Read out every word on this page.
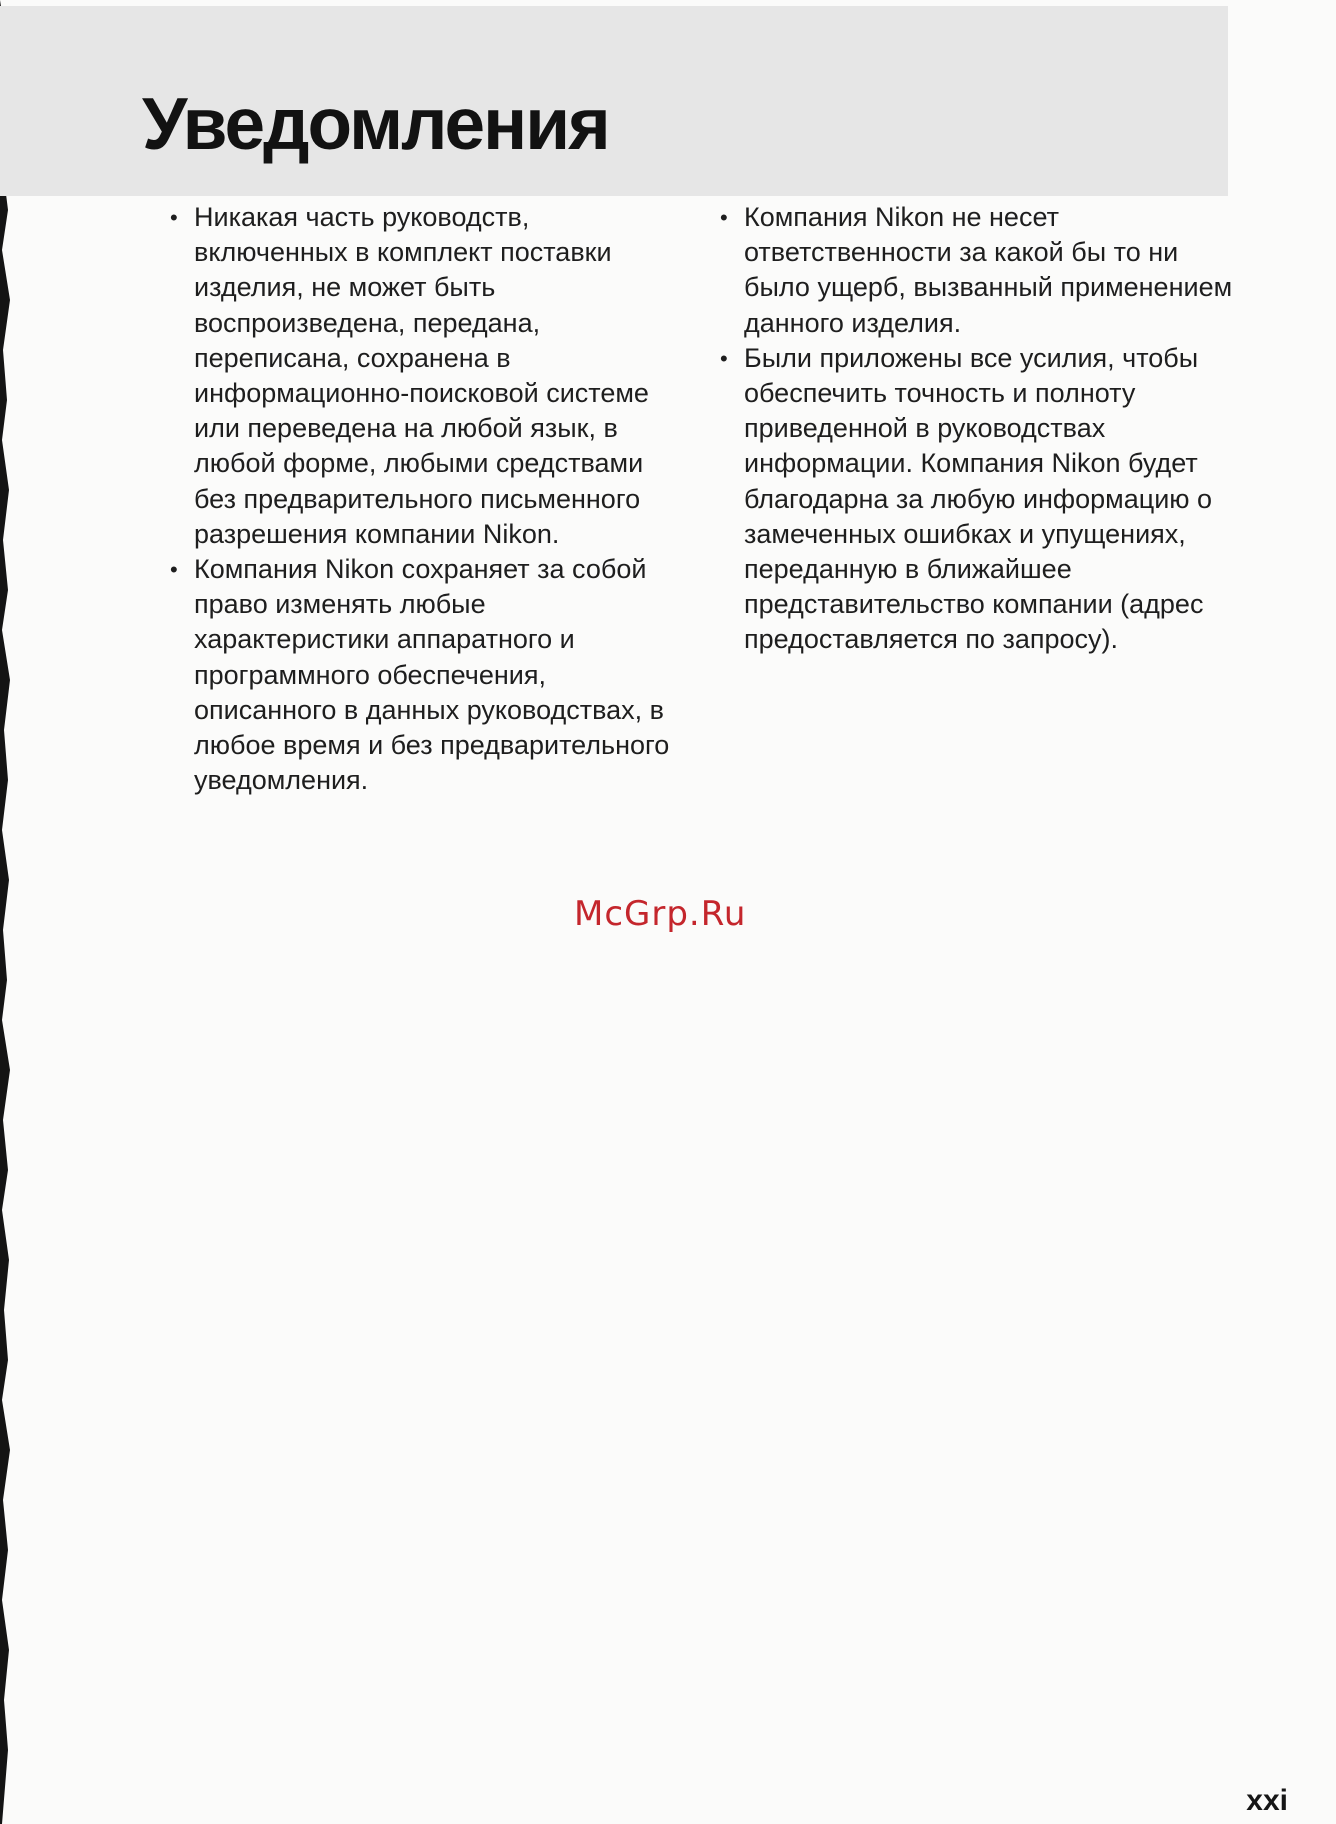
Уведомления
• Никакая часть руководств, включенных в комплект поставки изделия, не может быть воспроизведена, передана, переписана, сохранена в информационно-поисковой системе или переведена на любой язык, в любой форме, любыми средствами без предварительного письменного разрешения компании Nikon.
• Компания Nikon сохраняет за собой право изменять любые характеристики аппаратного и программного обеспечения, описанного в данных руководствах, в любое время и без предварительного уведомления.
• Компания Nikon не несет ответственности за какой бы то ни было ущерб, вызванный применением данного изделия.
• Были приложены все усилия, чтобы обеспечить точность и полноту приведенной в руководствах информации. Компания Nikon будет благодарна за любую информацию о замеченных ошибках и упущениях, переданную в ближайшее представительство компании (адрес предоставляется по запросу).
McGrp.Ru
xxi
